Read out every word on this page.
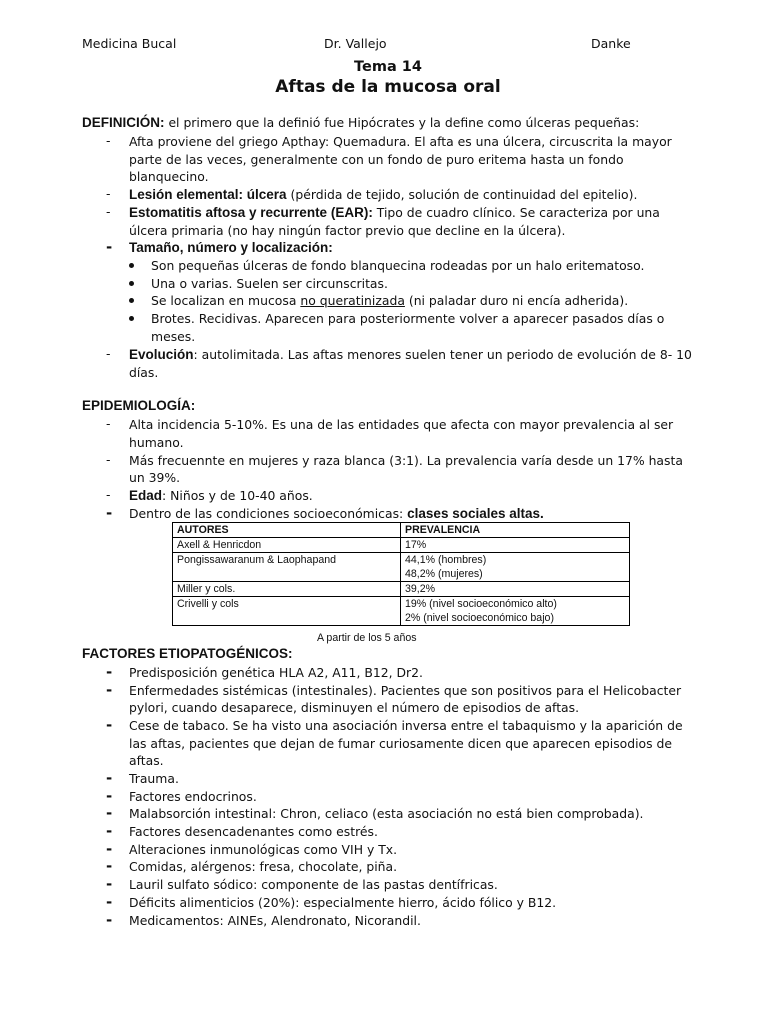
Medicina Bucal	Dr. Vallejo	Danke
Tema 14
Aftas de la mucosa oral
DEFINICIÓN: el primero que la definió fue Hipócrates y la define como úlceras pequeñas:
- Afta proviene del griego Apthay: Quemadura. El afta es una úlcera, circuscrita la mayor
parte de las veces, generalmente con un fondo de puro eritema hasta un fondo
blanquecino.
- Lesión elemental: úlcera (pérdida de tejido, solución de continuidad del epitelio).
- Estomatitis aftosa y recurrente (EAR): Tipo de cuadro clínico. Se caracteriza por una
úlcera primaria (no hay ningún factor previo que decline en la úlcera).
- Tamaño, número y localización:
Son pequeñas úlceras de fondo blanquecina rodeadas por un halo eritematoso.
Una o varias. Suelen ser circunscritas.
Se localizan en mucosa no queratinizada (ni paladar duro ni encía adherida).
Brotes. Recidivas. Aparecen para posteriormente volver a aparecer pasados días o
meses.
- Evolución: autolimitada. Las aftas menores suelen tener un periodo de evolución de 8- 10
días.
EPIDEMIOLOGÍA:
- Alta incidencia 5-10%. Es una de las entidades que afecta con mayor prevalencia al ser
humano.
- Más frecuennte en mujeres y raza blanca (3:1). La prevalencia varía desde un 17% hasta
un 39%.
- Edad: Niños y de 10-40 años.
- Dentro de las condiciones socioeconómicas: clases sociales altas.
AUTORES	PREVALENCIA
Axell & Henricdon	17%
Pongissawaranum & Laophapand	44,1% (hombres)
48,2% (mujeres)

Miller y cols.	39,2%
Crivelli y cols	19% (nivel socioeconómico alto)
2% (nivel socioeconómico bajo)
A partir de los 5 años
FACTORES ETIOPATOGÉNICOS:
- Predisposición genética HLA A2, A11, B12, Dr2.
- Enfermedades sistémicas (intestinales). Pacientes que son positivos para el Helicobacter
pylori, cuando desaparece, disminuyen el número de episodios de aftas.
- Cese de tabaco. Se ha visto una asociación inversa entre el tabaquismo y la aparición de
las aftas, pacientes que dejan de fumar curiosamente dicen que aparecen episodios de
aftas.
- Trauma.
- Factores endocrinos.
- Malabsorción intestinal: Chron, celiaco (esta asociación no está bien comprobada).
- Factores desencadenantes como estrés.
- Alteraciones inmunológicas como VIH y Tx.
- Comidas, alérgenos: fresa, chocolate, piña.
- Lauril sulfato sódico: componente de las pastas dentífricas.
- Déficits alimenticios (20%): especialmente hierro, ácido fólico y B12.
- Medicamentos: AINEs, Alendronato, Nicorandil.
